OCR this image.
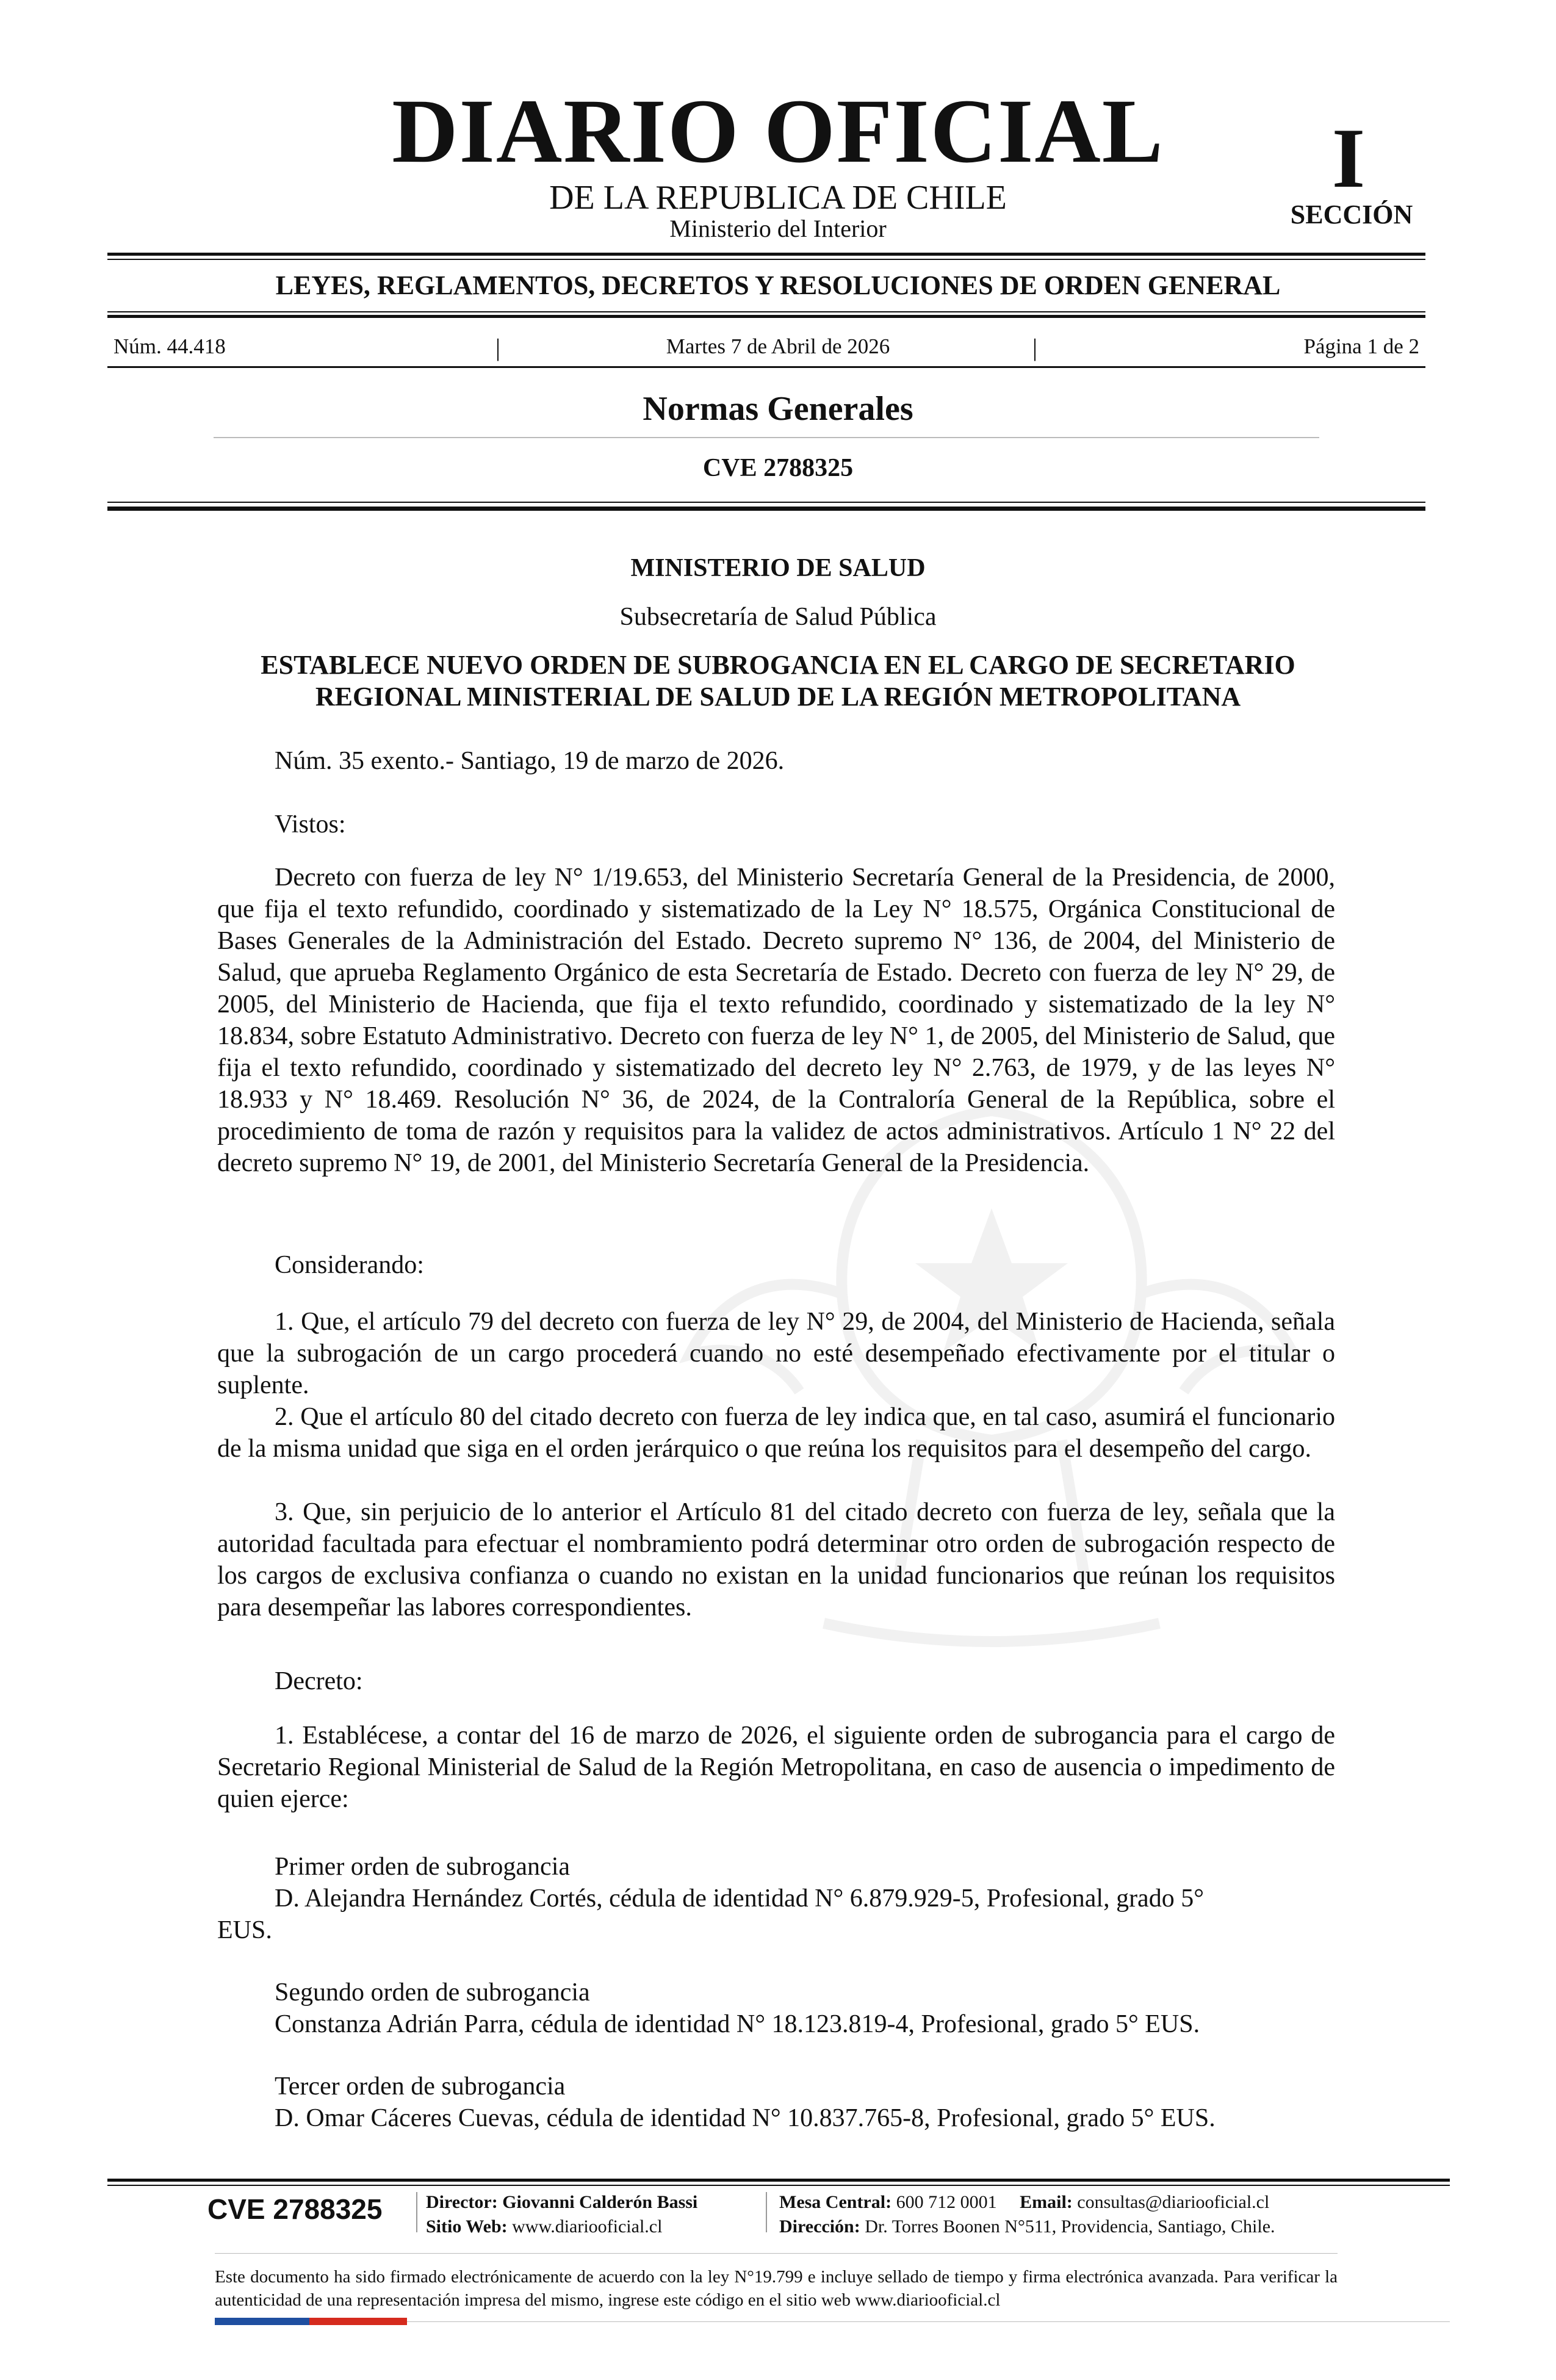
DIARIO OFICIAL
DE LA REPUBLICA DE CHILE
Ministerio del Interior
I
SECCIÓN
LEYES, REGLAMENTOS, DECRETOS Y RESOLUCIONES DE ORDEN GENERAL
Núm. 44.418	|	Martes 7 de Abril de 2026	|	Página 1 de 2
Normas Generales
CVE 2788325
MINISTERIO DE SALUD
Subsecretaría de Salud Pública
ESTABLECE NUEVO ORDEN DE SUBROGANCIA EN EL CARGO DE SECRETARIO
REGIONAL MINISTERIAL DE SALUD DE LA REGIÓN METROPOLITANA
Núm. 35 exento.- Santiago, 19 de marzo de 2026.
Vistos:

Decreto con fuerza de ley N° 1/19.653, del Ministerio Secretaría General de la Presidencia, de 2000, que fija el texto refundido, coordinado y sistematizado de la Ley N° 18.575, Orgánica Constitucional de Bases Generales de la Administración del Estado. Decreto supremo N° 136, de 2004, del Ministerio de Salud, que aprueba Reglamento Orgánico de esta Secretaría de Estado. Decreto con fuerza de ley N° 29, de 2005, del Ministerio de Hacienda, que fija el texto refundido, coordinado y sistematizado de la ley N° 18.834, sobre Estatuto Administrativo. Decreto con fuerza de ley N° 1, de 2005, del Ministerio de Salud, que fija el texto refundido, coordinado y sistematizado del decreto ley N° 2.763, de 1979, y de las leyes N° 18.933 y N° 18.469. Resolución N° 36, de 2024, de la Contraloría General de la República, sobre el procedimiento de toma de razón y requisitos para la validez de actos administrativos. Artículo 1 N° 22 del decreto supremo N° 19, de 2001, del Ministerio Secretaría General de la Presidencia.

Considerando:

1. Que, el artículo 79 del decreto con fuerza de ley N° 29, de 2004, del Ministerio de Hacienda, señala que la subrogación de un cargo procederá cuando no esté desempeñado efectivamente por el titular o suplente.

2. Que el artículo 80 del citado decreto con fuerza de ley indica que, en tal caso, asumirá el funcionario de la misma unidad que siga en el orden jerárquico o que reúna los requisitos para el desempeño del cargo.

3. Que, sin perjuicio de lo anterior el Artículo 81 del citado decreto con fuerza de ley, señala que la autoridad facultada para efectuar el nombramiento podrá determinar otro orden de subrogación respecto de los cargos de exclusiva confianza o cuando no existan en la unidad funcionarios que reúnan los requisitos para desempeñar las labores correspondientes.

Decreto:

1. Establécese, a contar del 16 de marzo de 2026, el siguiente orden de subrogancia para el cargo de Secretario Regional Ministerial de Salud de la Región Metropolitana, en caso de ausencia o impedimento de quien ejerce:

Primer orden de subrogancia
D. Alejandra Hernández Cortés, cédula de identidad N° 6.879.929-5, Profesional, grado 5°
EUS.
Segundo orden de subrogancia
Constanza Adrián Parra, cédula de identidad N° 18.123.819-4, Profesional, grado 5° EUS.
Tercer orden de subrogancia
D. Omar Cáceres Cuevas, cédula de identidad N° 10.837.765-8, Profesional, grado 5° EUS.
CVE 2788325 Director: Giovanni Calderón Bassi
Sitio Web: www.diariooficial.cl
Mesa Central: 600 712 0001 Email: consultas@diariooficial.cl
Dirección: Dr. Torres Boonen N°511, Providencia, Santiago, Chile.

Este documento ha sido firmado electrónicamente de acuerdo con la ley N°19.799 e incluye sellado de tiempo y firma electrónica avanzada. Para verificar la autenticidad de una representación impresa del mismo, ingrese este código en el sitio web www.diariooficial.cl
